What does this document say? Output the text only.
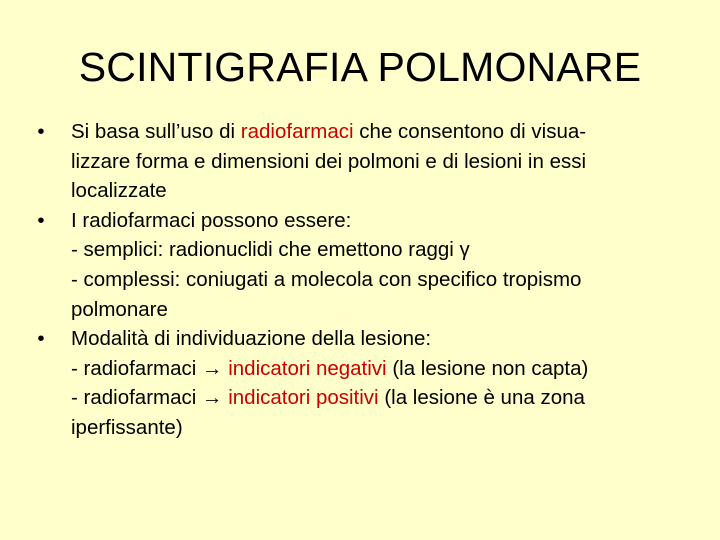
SCINTIGRAFIA POLMONARE
• Si basa sull’uso di radiofarmaci che consentono di visua-
lizzare forma e dimensioni dei polmoni e di lesioni in essi
localizzate
• I radiofarmaci possono essere:
- semplici: radionuclidi che emettono raggi γ
- complessi: coniugati a molecola con specifico tropismo
polmonare
• Modalità di individuazione della lesione:
- radiofarmaci → indicatori negativi (la lesione non capta)
- radiofarmaci → indicatori positivi (la lesione è una zona
iperfissante)
